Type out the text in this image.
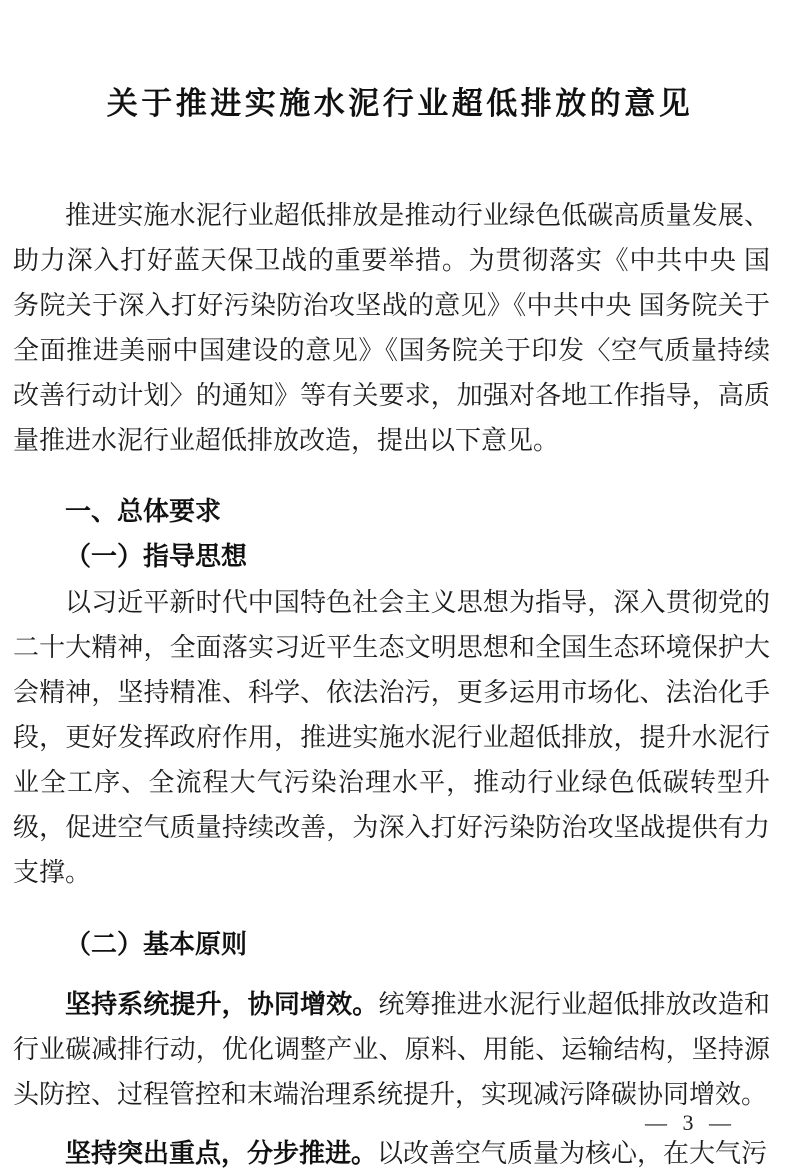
关于推进实施水泥行业超低排放的意见

推进实施水泥行业超低排放是推动行业绿色低碳高质量发展、助力深入打好蓝天保卫战的重要举措。为贯彻落实《中共中央 国务院关于深入打好污染防治攻坚战的意见》《中共中央 国务院关于全面推进美丽中国建设的意见》《国务院关于印发〈空气质量持续改善行动计划〉的通知》等有关要求，加强对各地工作指导，高质量推进水泥行业超低排放改造，提出以下意见。

一、总体要求
（一）指导思想

以习近平新时代中国特色社会主义思想为指导，深入贯彻党的二十大精神，全面落实习近平生态文明思想和全国生态环境保护大会精神，坚持精准、科学、依法治污，更多运用市场化、法治化手段，更好发挥政府作用，推进实施水泥行业超低排放，提升水泥行业全工序、全流程大气污染治理水平，推动行业绿色低碳转型升级，促进空气质量持续改善，为深入打好污染防治攻坚战提供有力支撑。

（二）基本原则

坚持系统提升，协同增效。统筹推进水泥行业超低排放改造和行业碳减排行动，优化调整产业、原料、用能、运输结构，坚持源头防控、过程管控和末端治理系统提升，实现减污降碳协同增效。

坚持突出重点，分步推进。以改善空气质量为核心，在大气污

— 3 —
